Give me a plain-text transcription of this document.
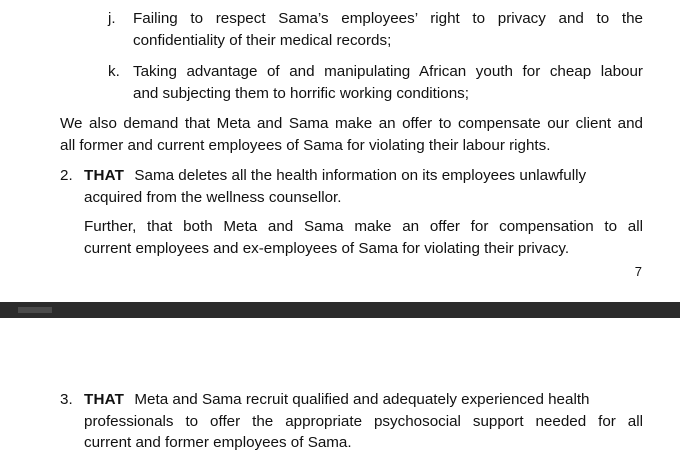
j. Failing to respect Sama’s employees’ right to privacy and to the
confidentiality of their medical records;
k. Taking advantage of and manipulating African youth for cheap labour
and subjecting them to horrific working conditions;
We also demand that Meta and Sama make an offer to compensate our client and
all former and current employees of Sama for violating their labour rights.
2. THAT Sama deletes all the health information on its employees unlawfully
acquired from the wellness counsellor.
Further, that both Meta and Sama make an offer for compensation to all
current employees and ex-employees of Sama for violating their privacy.
7
3. THAT Meta and Sama recruit qualified and adequately experienced health
professionals to offer the appropriate psychosocial support needed for all
current and former employees of Sama.
